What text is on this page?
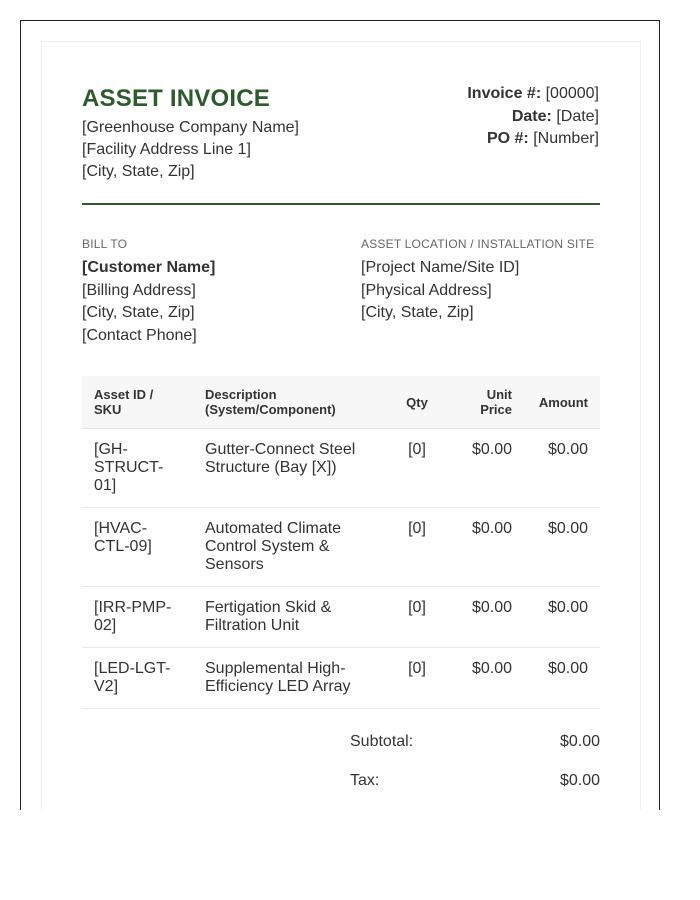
ASSET INVOICE
[Greenhouse Company Name]
[Facility Address Line 1]
[City, State, Zip]
Invoice #: [00000]
Date: [Date]
PO #: [Number]
BILL TO
[Customer Name]
[Billing Address]
[City, State, Zip]
[Contact Phone]
ASSET LOCATION / INSTALLATION SITE
[Project Name/Site ID]
[Physical Address]
[City, State, Zip]
Asset ID / SKU	Description (System/Component)	Qty	Unit Price	Amount
[GH-STRUCT-01]	Gutter-Connect Steel Structure (Bay [X])	[0]	$0.00	$0.00
[HVAC-CTL-09]	Automated Climate Control System & Sensors	[0]	$0.00	$0.00
[IRR-PMP-02]	Fertigation Skid & Filtration Unit	[0]	$0.00	$0.00
[LED-LGT-V2]	Supplemental High-Efficiency LED Array	[0]	$0.00	$0.00
Subtotal:	$0.00
Tax:	$0.00
